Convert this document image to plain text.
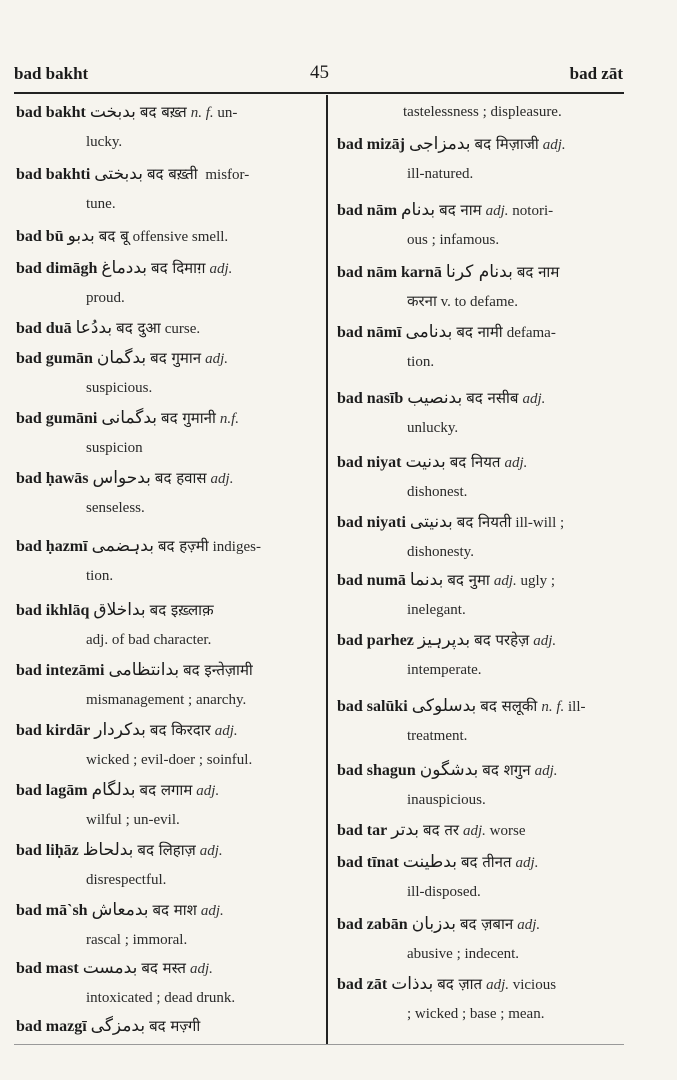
bad bakht	45	bad zāt
bad bakht بدبخت बद बख़्त n. f. un-
lucky.
bad bakhti بدبختی बद बख़्ती misfor-
tune.
bad bū بدبو बद बू offensive smell.
bad dimāgh بددماغ बद दिमाग़ adj.
proud.
bad duā بددُعا बद दुआ curse.
bad gumān بدگمان बद गुमान adj.
suspicious.
bad gumāni بدگمانی बद गुमानी n.f.
suspicion
bad ḥawās بدحواس बद हवास adj.
senseless.
bad ḥazmī بدہضمی बद हज़्मी indiges-
tion.
bad ikhlāq بداخلاق बद इख़्लाक़
adj. of bad character.
bad intezāmi بدانتظامی बद इन्तेज़ामी
mismanagement ; anarchy.
bad kirdār بدکردار बद किरदार adj.
wicked ; evil-doer ; soinful.
bad lagām بدلگام बद लगाम adj.
wilful ; un-evil.
bad liḥāz بدلحاظ बद लिहाज़ adj.
disrespectful.
bad mā`sh بدمعاش बद माश adj.
rascal ; immoral.
bad mast بدمست बद मस्त adj.
intoxicated ; dead drunk.
bad mazgī بدمزگی बद मज़्गी
tastelessness ; displeasure.
bad mizāj بدمزاجی बद मिज़ाजी adj.
ill-natured.
bad nām بدنام बद नाम adj. notori-
ous ; infamous.
bad nām karnā بدنام کرنا बद नाम
करना v. to defame.
bad nāmī بدنامی बद नामी defama-
tion.
bad nasīb بدنصیب बद नसीब adj.
unlucky.
bad niyat بدنیت बद नियत adj.
dishonest.
bad niyati بدنیتی बद नियती ill-will ;
dishonesty.
bad numā بدنما बद नुमा adj. ugly ;
inelegant.
bad parhez بدپرہیز बद परहेज़ adj.
intemperate.
bad salūki بدسلوکی बद सलूकी n. f. ill-
treatment.
bad shagun بدشگون बद शगुन adj.
inauspicious.
bad tar بدتر बद तर adj. worse
bad tīnat بدطینت बद तीनत adj.
ill-disposed.
bad zabān بدزبان बद ज़बान adj.
abusive ; indecent.
bad zāt بدذات बद ज़ात adj. vicious
; wicked ; base ; mean.
